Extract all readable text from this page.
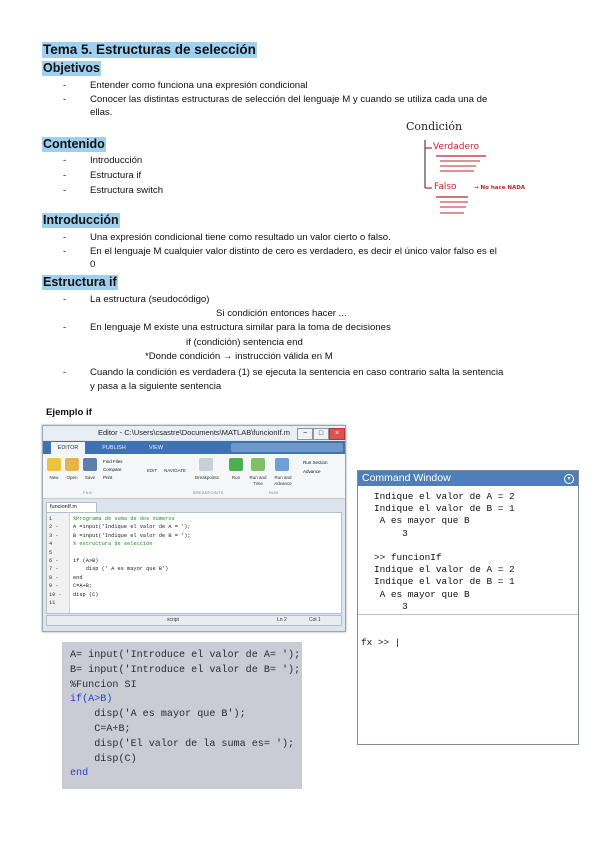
Tema 5. Estructuras de selección
Objetivos
- Entender como funciona una expresión condicional
- Conocer las distintas estructuras de selección del lenguaje M y cuando se utiliza cada una de
ellas.
Contenido
- Introducción
- Estructura if
- Estructura switch
Condición
Verdadero
Falso	→ No hace NADA
Introducción
- Una expresión condicional tiene como resultado un valor cierto o falso.
- En el lenguaje M cualquier valor distinto de cero es verdadero, es decir el único valor falso es el
0
Estructura if
- La estructura (seudocódigo)
Si condición entonces hacer ...
- En lenguaje M existe una estructura similar para la toma de decisiones
if (condición) sentencia end
*Donde condición → instrucción válida en M
- Cuando la condición es verdadera (1) se ejecuta la sentencia en caso contrario salta la sentencia
y pasa a la siguiente sentencia
Ejemplo if
Editor - C:\Users\csastre\Documents\MATLAB\funcionIf.m	−	□	×
EDITOR	PUBLISH	VIEW
New	Open	Save
Find Files
Compare
Print
EDIT	NAVIGATE
Breakpoints	Run	Run and Time
Run and Advance
Run Section
Advance
FILE	BREAKPOINTS	RUN
funcionIf.m
1
2 -
3 -
4
5
6 -
7 -
8 -
9 -
10 -
11
%Programa de suma de dos numeros
A =input('Indique el valor de A = ');
B =input('Indique el valor de B = ');
% estructura de selección
if (A>B)
disp (' A es mayor que B')
end
C=A+B;
disp (C)
script	Ln 2	Col 1
Command Window	▾
Indique el valor de A = 2
Indique el valor de B = 1
A es mayor que B
3
>> funcionIf
Indique el valor de A = 2
Indique el valor de B = 1
A es mayor que B
3
fx >> |
A= input('Introduce el valor de A= ');
B= input('Introduce el valor de B= ');
%Funcion SI
if(A>B)
disp('A es mayor que B');
C=A+B;
disp('El valor de la suma es= ');
disp(C)
end
